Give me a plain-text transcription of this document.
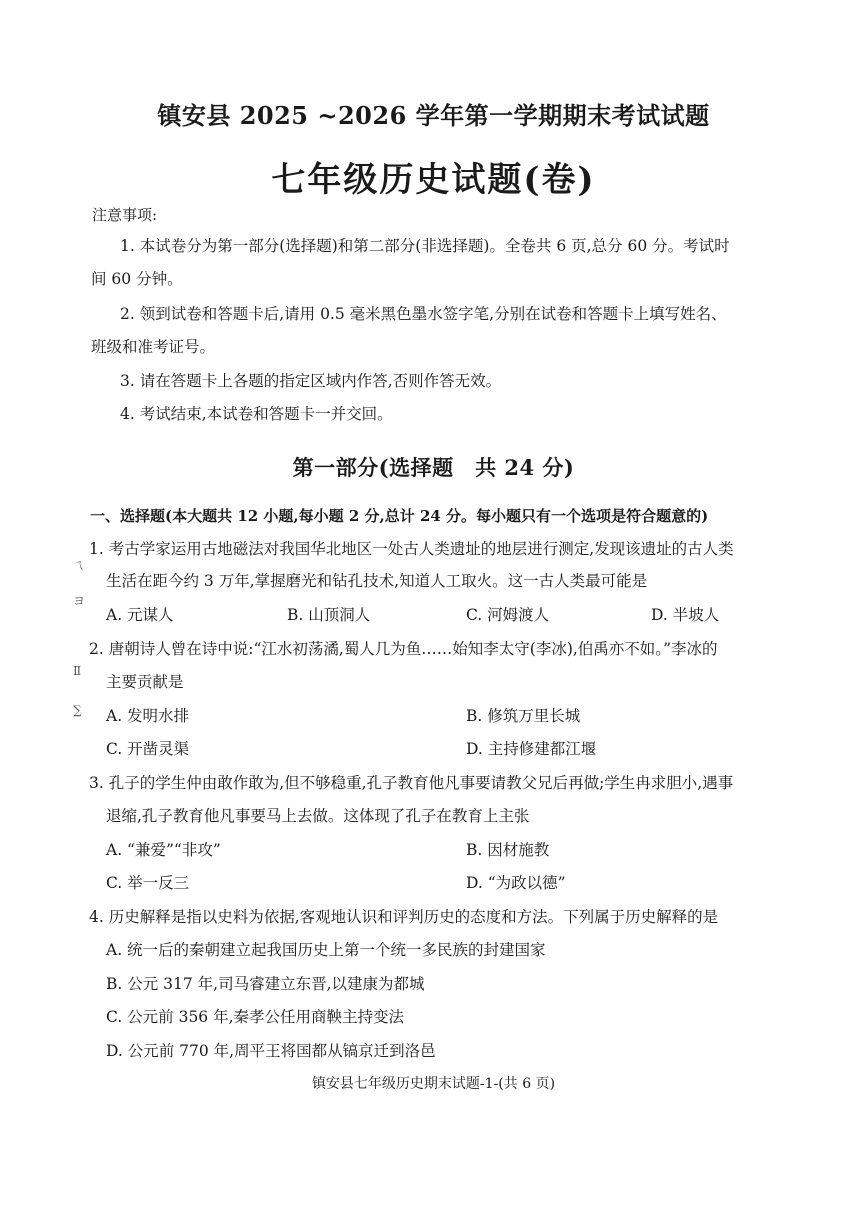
镇安县 2025 ~2026 学年第一学期期末考试试题
七年级历史试题(卷)
注意事项:
1. 本试卷分为第一部分(选择题)和第二部分(非选择题)。全卷共 6 页,总分 60 分。考试时
间 60 分钟。
2. 领到试卷和答题卡后,请用 0.5 毫米黑色墨水签字笔,分别在试卷和答题卡上填写姓名、
班级和准考证号。
3. 请在答题卡上各题的指定区域内作答,否则作答无效。
4. 考试结束,本试卷和答题卡一并交回。
第一部分(选择题　共 24 分)
一、选择题(本大题共 12 小题,每小题 2 分,总计 24 分。每小题只有一个选项是符合题意的)
1. 考古学家运用古地磁法对我国华北地区一处古人类遗址的地层进行测定,发现该遗址的古人类
生活在距今约 3 万年,掌握磨光和钻孔技术,知道人工取火。这一古人类最可能是
A. 元谋人	B. 山顶洞人	C. 河姆渡人	D. 半坡人
2. 唐朝诗人曾在诗中说:“江水初荡潏,蜀人几为鱼……始知李太守(李冰),伯禹亦不如。”李冰的
主要贡献是
A. 发明水排	B. 修筑万里长城
C. 开凿灵渠	D. 主持修建都江堰
3. 孔子的学生仲由敢作敢为,但不够稳重,孔子教育他凡事要请教父兄后再做;学生冉求胆小,遇事
退缩,孔子教育他凡事要马上去做。这体现了孔子在教育上主张
A. “兼爱”“非攻”	B. 因材施教
C. 举一反三	D. “为政以德”
4. 历史解释是指以史料为依据,客观地认识和评判历史的态度和方法。下列属于历史解释的是
A. 统一后的秦朝建立起我国历史上第一个统一多民族的封建国家
B. 公元 317 年,司马睿建立东晋,以建康为都城
C. 公元前 356 年,秦孝公任用商鞅主持变法
D. 公元前 770 年,周平王将国都从镐京迁到洛邑
ㄟ
ヨ
Ⅱ
∑
镇安县七年级历史期末试题-1-(共 6 页)
